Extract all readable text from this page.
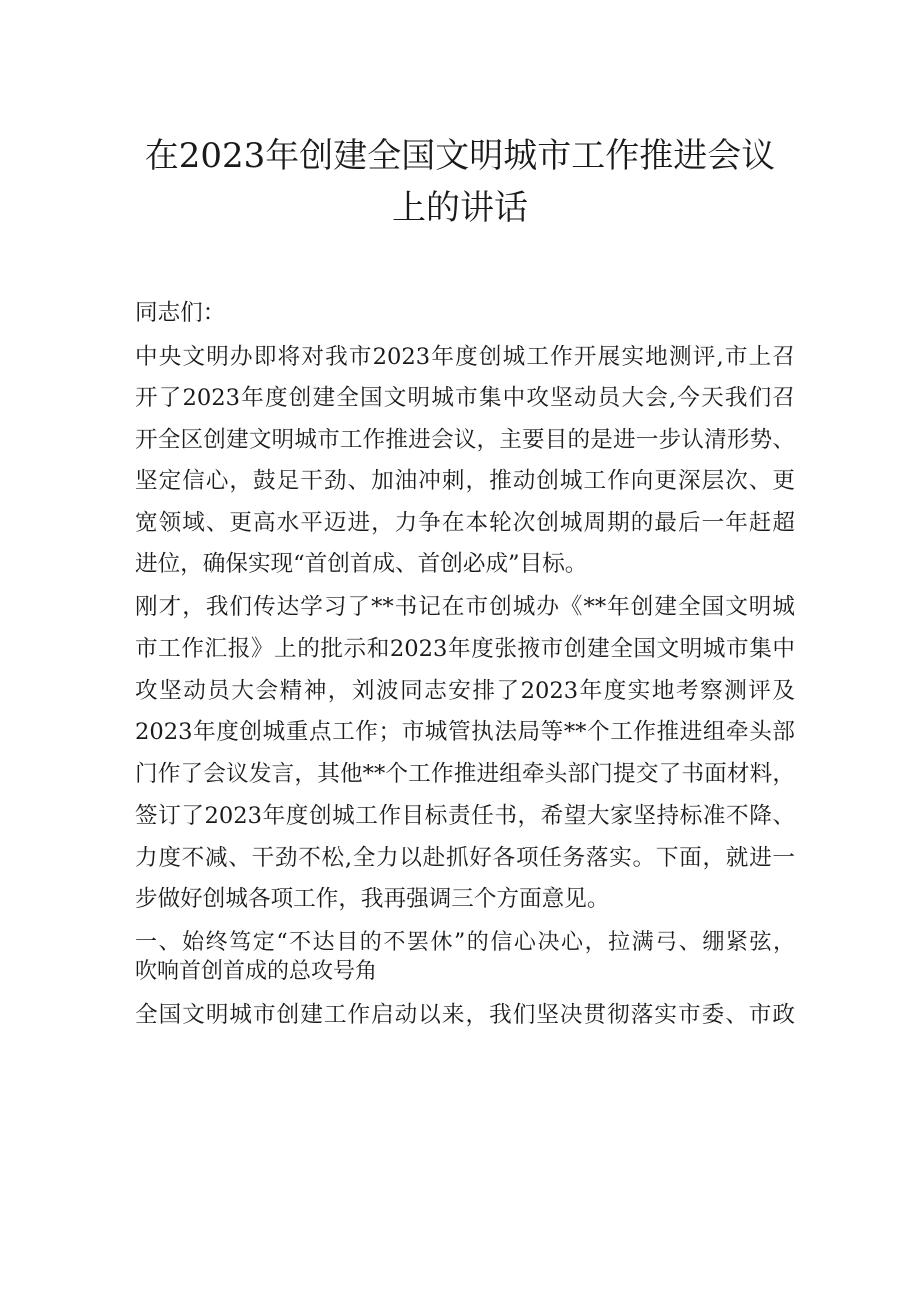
在2023年创建全国文明城市工作推进会议
上的讲话
同志们：
中央文明办即将对我市2023年度创城工作开展实地测评,市上召
开了2023年度创建全国文明城市集中攻坚动员大会,今天我们召
开全区创建文明城市工作推进会议，主要目的是进一步认清形势、
坚定信心，鼓足干劲、加油冲刺，推动创城工作向更深层次、更
宽领域、更高水平迈进，力争在本轮次创城周期的最后一年赶超
进位，确保实现“首创首成、首创必成”目标。
刚才，我们传达学习了**书记在市创城办《**年创建全国文明城
市工作汇报》上的批示和2023年度张掖市创建全国文明城市集中
攻坚动员大会精神，刘波同志安排了2023年度实地考察测评及
2023年度创城重点工作；市城管执法局等**个工作推进组牵头部
门作了会议发言，其他**个工作推进组牵头部门提交了书面材料，
签订了2023年度创城工作目标责任书，希望大家坚持标准不降、
力度不减、干劲不松,全力以赴抓好各项任务落实。下面，就进一
步做好创城各项工作，我再强调三个方面意见。
一、始终笃定“不达目的不罢休”的信心决心，拉满弓、绷紧弦，
吹响首创首成的总攻号角
全国文明城市创建工作启动以来，我们坚决贯彻落实市委、市政
